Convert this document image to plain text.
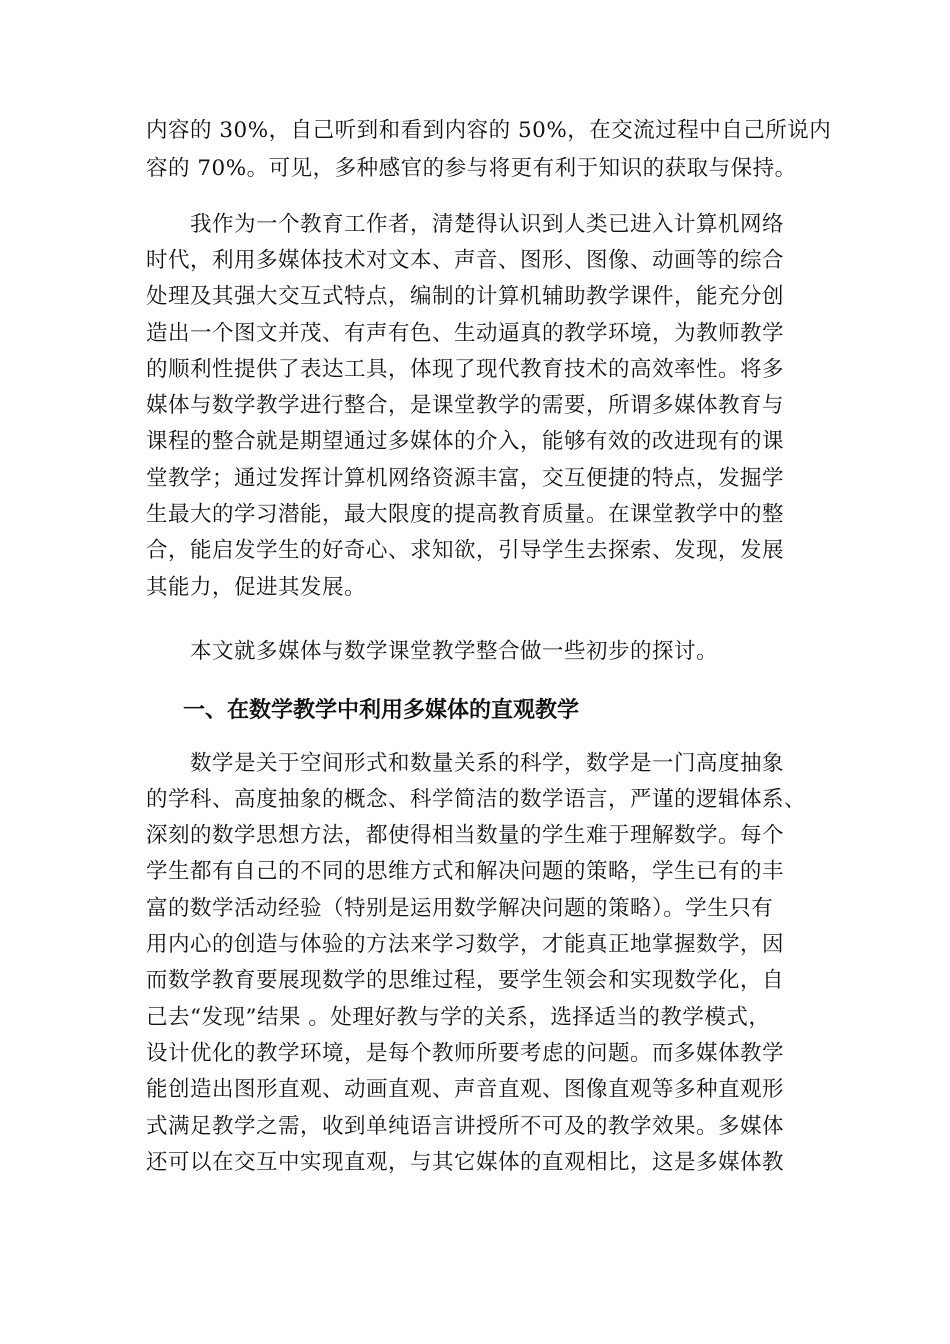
内容的 30%，自己听到和看到内容的 50%，在交流过程中自己所说内
容的 70%。可见，多种感官的参与将更有利于知识的获取与保持。
　　我作为一个教育工作者，清楚得认识到人类已进入计算机网络
时代，利用多媒体技术对文本、声音、图形、图像、动画等的综合
处理及其强大交互式特点，编制的计算机辅助教学课件，能充分创
造出一个图文并茂、有声有色、生动逼真的教学环境，为教师教学
的顺利性提供了表达工具，体现了现代教育技术的高效率性。将多
媒体与数学教学进行整合，是课堂教学的需要，所谓多媒体教育与
课程的整合就是期望通过多媒体的介入，能够有效的改进现有的课
堂教学；通过发挥计算机网络资源丰富，交互便捷的特点，发掘学
生最大的学习潜能，最大限度的提高教育质量。在课堂教学中的整
合，能启发学生的好奇心、求知欲，引导学生去探索、发现，发展
其能力，促进其发展。
　　本文就多媒体与数学课堂教学整合做一些初步的探讨。
一、在数学教学中利用多媒体的直观教学
　　数学是关于空间形式和数量关系的科学，数学是一门高度抽象
的学科、高度抽象的概念、科学简洁的数学语言，严谨的逻辑体系、
深刻的数学思想方法，都使得相当数量的学生难于理解数学。每个
学生都有自己的不同的思维方式和解决问题的策略，学生已有的丰
富的数学活动经验（特别是运用数学解决问题的策略）。学生只有
用内心的创造与体验的方法来学习数学，才能真正地掌握数学，因
而数学教育要展现数学的思维过程，要学生领会和实现数学化，自
己去“发现”结果 。处理好教与学的关系，选择适当的教学模式，
设计优化的教学环境，是每个教师所要考虑的问题。而多媒体教学
能创造出图形直观、动画直观、声音直观、图像直观等多种直观形
式满足教学之需，收到单纯语言讲授所不可及的教学效果。多媒体
还可以在交互中实现直观，与其它媒体的直观相比，这是多媒体教
